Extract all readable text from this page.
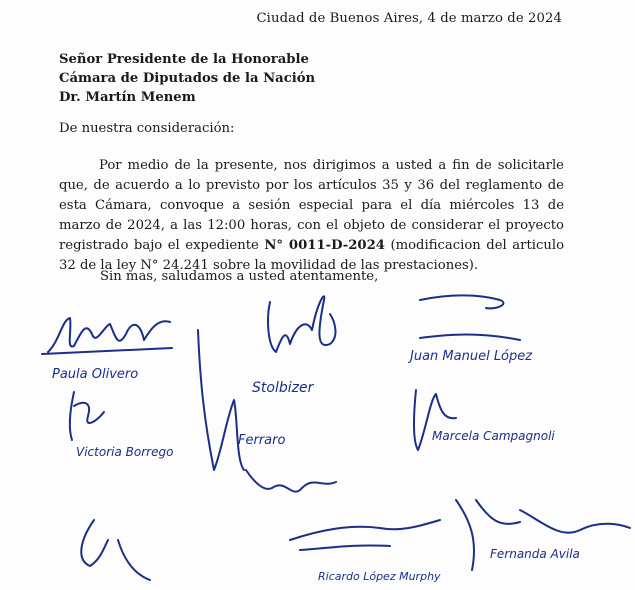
Ciudad de Buenos Aires, 4 de marzo de 2024
Señor Presidente de la Honorable
Cámara de Diputados de la Nación
Dr. Martín Menem
De nuestra consideración:
Por medio de la presente, nos dirigimos a usted a fin de solicitarle que, de acuerdo a lo previsto por los artículos 35 y 36 del reglamento de esta Cámara, convoque a sesión especial para el día miércoles 13 de marzo de 2024, a las 12:00 horas, con el objeto de considerar el proyecto registrado bajo el expediente N° 0011-D-2024 (modificacion del articulo 32 de la ley N° 24.241 sobre la movilidad de las prestaciones).
Sin mas, saludamos a usted atentamente,
Paula Olivero
Victoria Borrego
Stolbizer
Ferraro
Juan Manuel López
Marcela Campagnoli
Ricardo López Murphy
Fernanda Avila
